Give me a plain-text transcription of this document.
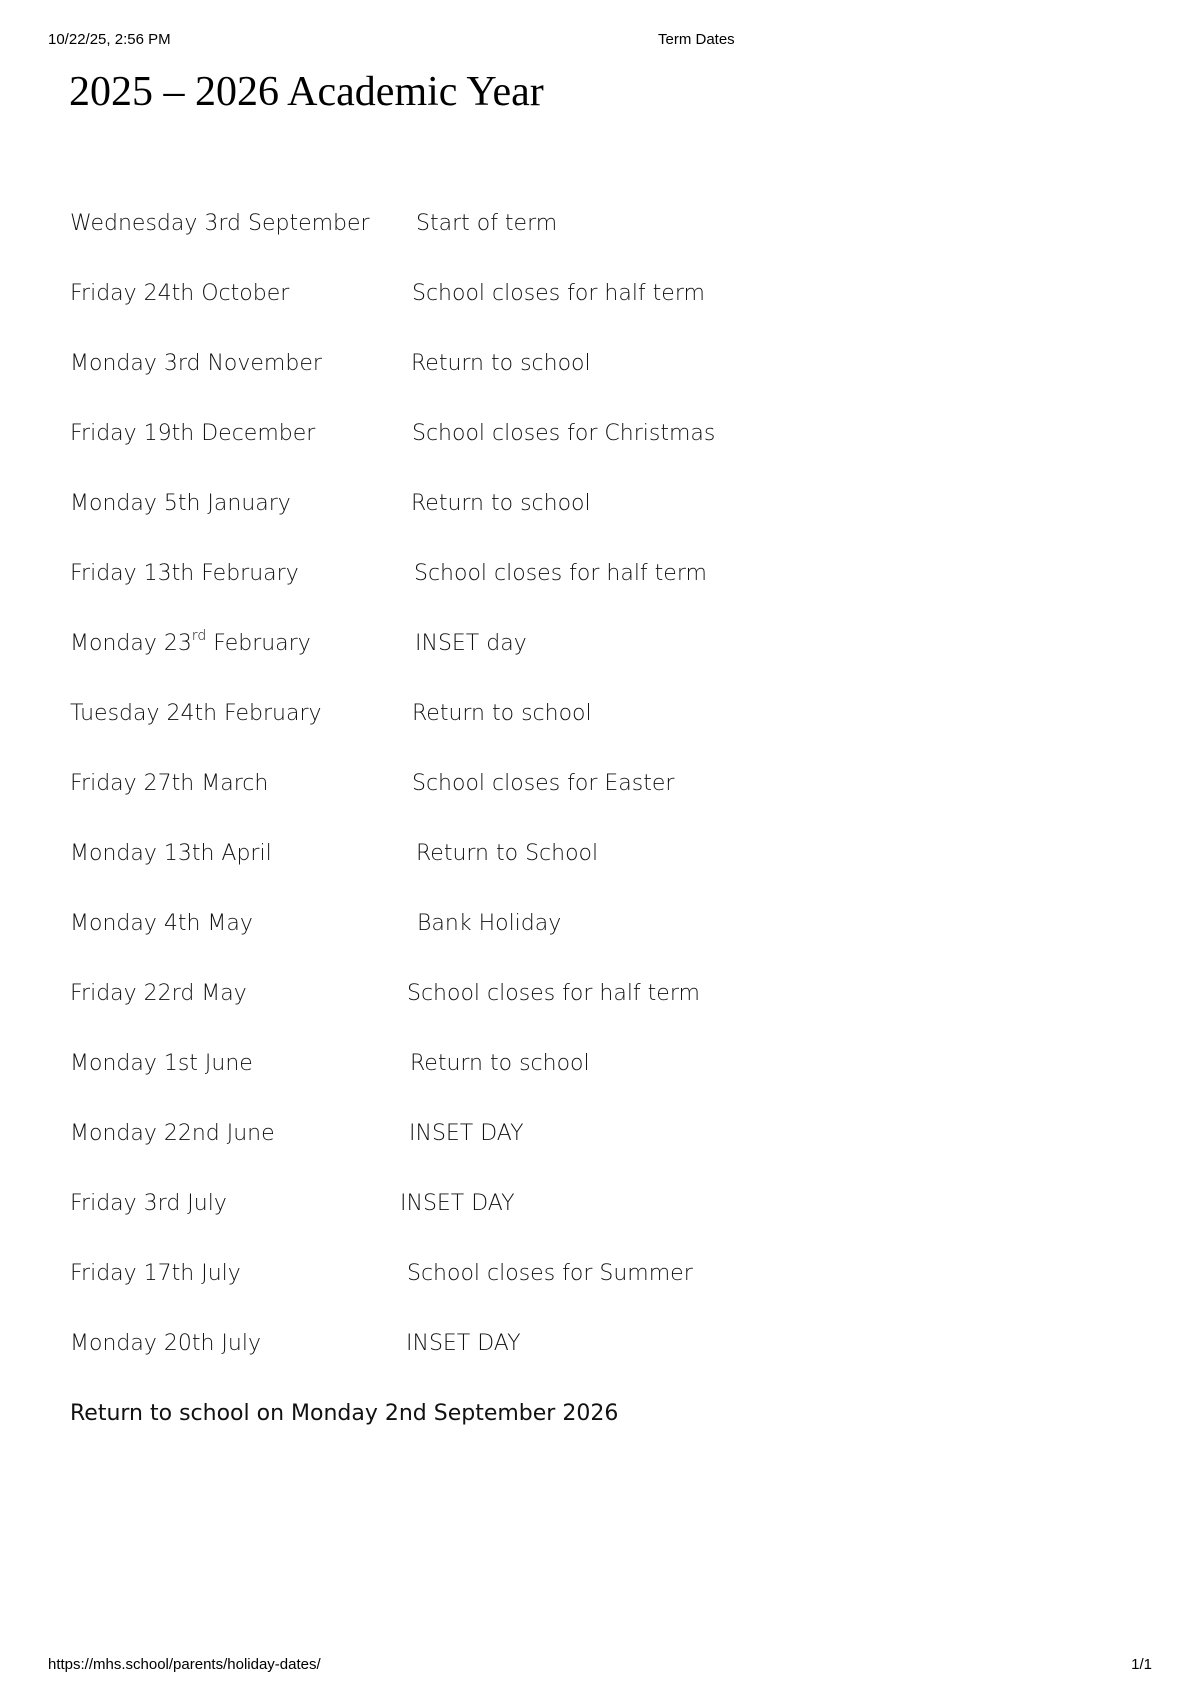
10/22/25, 2:56 PM	Term Dates
2025 – 2026 Academic Year
Wednesday 3rd September Start of term
Friday 24th October	School closes for half term
Monday 3rd November	Return to school
Friday 19th December	School closes for Christmas
Monday 5th January	Return to school
Friday 13th February	School closes for half term
Monday 23rd February	INSET day
Tuesday 24th February	Return to school
Friday 27th March	School closes for Easter
Monday 13th April	Return to School
Monday 4th May	Bank Holiday
Friday 22rd May	School closes for half term
Monday 1st June	Return to school
Monday 22nd June	INSET DAY
Friday 3rd July	INSET DAY
Friday 17th July	School closes for Summer
Monday 20th July	INSET DAY
Return to school on Monday 2nd September 2026
https://mhs.school/parents/holiday-dates/	1/1
